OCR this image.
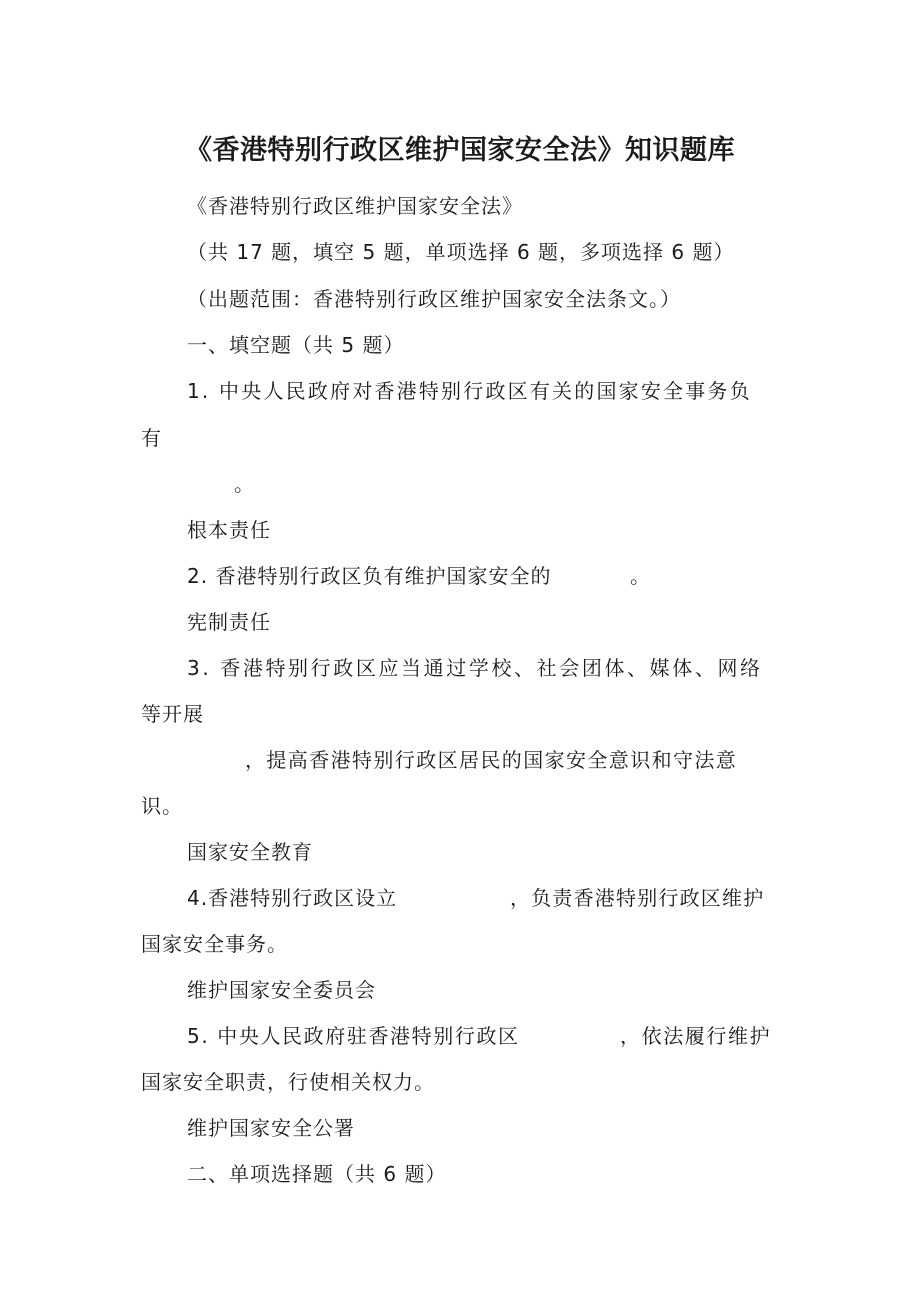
《香港特别行政区维护国家安全法》知识题库
《香港特别行政区维护国家安全法》
（共 17 题，填空 5 题，单项选择 6 题，多项选择 6 题）
（出题范围：香港特别行政区维护国家安全法条文。）
一、填空题（共 5 题）
1. 中央人民政府对香港特别行政区有关的国家安全事务负
有
。
根本责任
2. 香港特别行政区负有维护国家安全的	。
宪制责任
3. 香港特别行政区应当通过学校、社会团体、媒体、网络
等开展
，提高香港特别行政区居民的国家安全意识和守法意
识。
国家安全教育
4.香港特别行政区设立	，负责香港特别行政区维护
国家安全事务。
维护国家安全委员会
5. 中央人民政府驻香港特别行政区	，依法履行维护
国家安全职责，行使相关权力。
维护国家安全公署
二、单项选择题（共 6 题）
